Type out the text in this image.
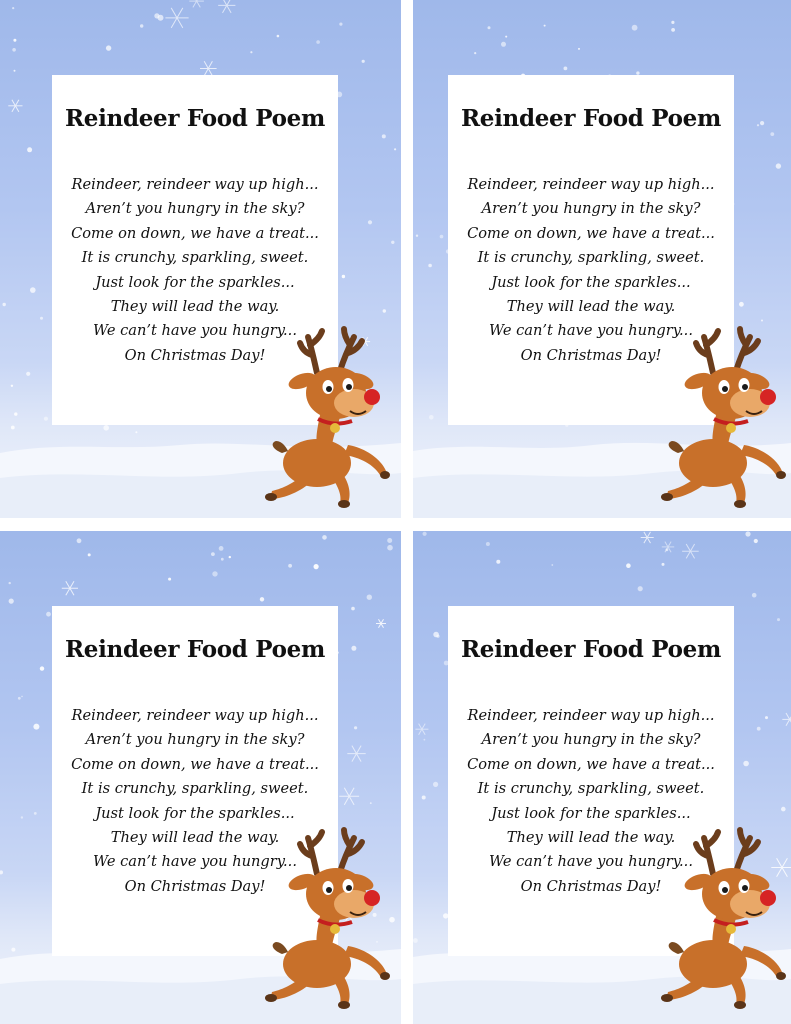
Reindeer Food Poem
Reindeer, reindeer way up high...
Aren’t you hungry in the sky?
Come on down, we have a treat...
It is crunchy, sparkling, sweet.
Just look for the sparkles...
They will lead the way.
We can’t have you hungry...
On Christmas Day!
Reindeer Food Poem
Reindeer, reindeer way up high...
Aren’t you hungry in the sky?
Come on down, we have a treat...
It is crunchy, sparkling, sweet.
Just look for the sparkles...
They will lead the way.
We can’t have you hungry...
On Christmas Day!
Reindeer Food Poem
Reindeer, reindeer way up high...
Aren’t you hungry in the sky?
Come on down, we have a treat...
It is crunchy, sparkling, sweet.
Just look for the sparkles...
They will lead the way.
We can’t have you hungry...
On Christmas Day!
Reindeer Food Poem
Reindeer, reindeer way up high...
Aren’t you hungry in the sky?
Come on down, we have a treat...
It is crunchy, sparkling, sweet.
Just look for the sparkles...
They will lead the way.
We can’t have you hungry...
On Christmas Day!
